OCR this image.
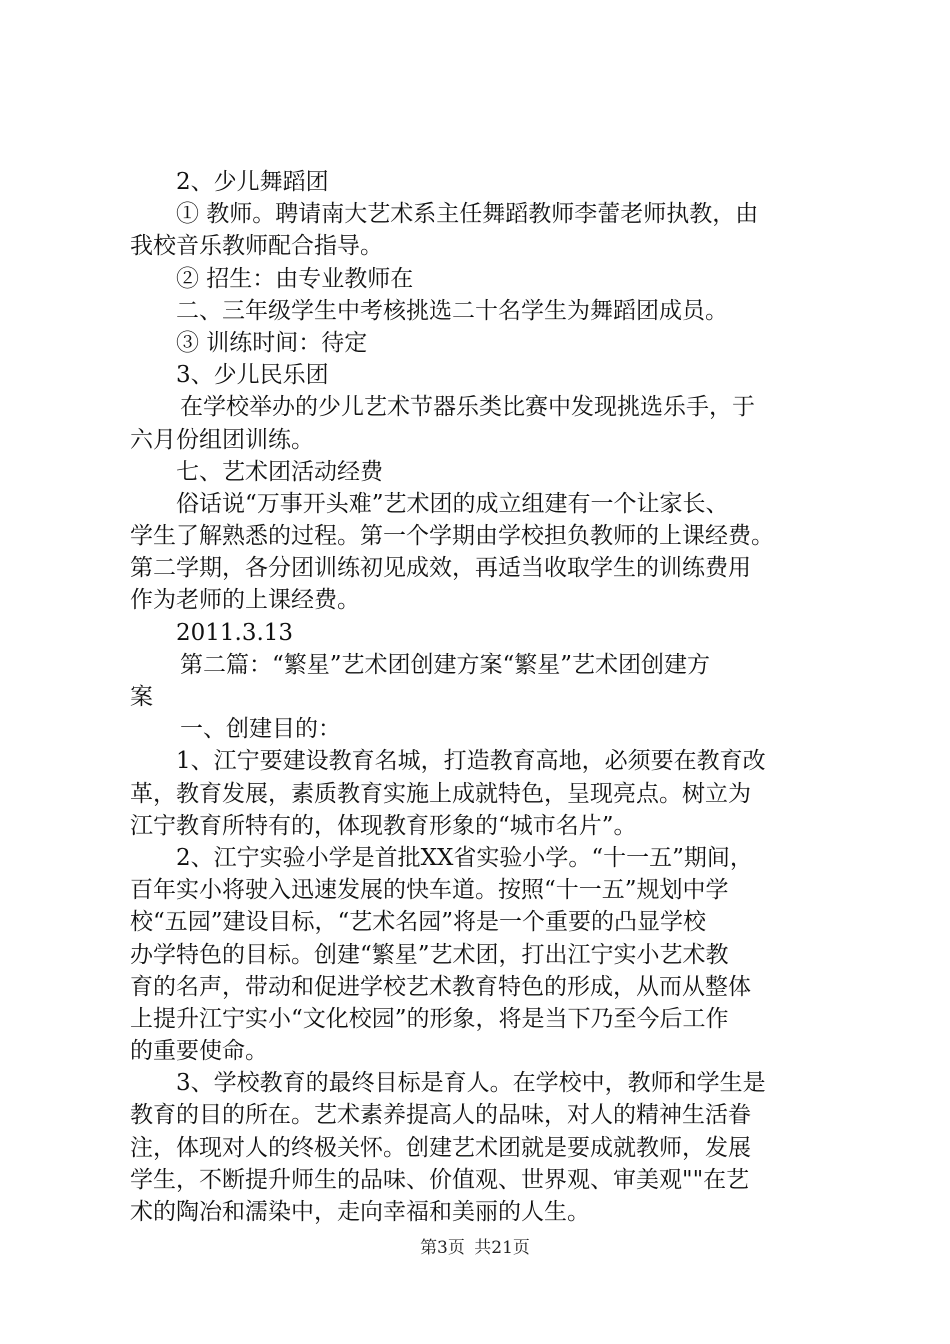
2、少儿舞蹈团
① 教师。聘请南大艺术系主任舞蹈教师李蕾老师执教，由
我校音乐教师配合指导。
② 招生：由专业教师在
二、三年级学生中考核挑选二十名学生为舞蹈团成员。
③ 训练时间：待定
3、少儿民乐团
在学校举办的少儿艺术节器乐类比赛中发现挑选乐手，于
六月份组团训练。
七、艺术团活动经费
俗话说“万事开头难”艺术团的成立组建有一个让家长、
学生了解熟悉的过程。第一个学期由学校担负教师的上课经费。
第二学期，各分团训练初见成效，再适当收取学生的训练费用
作为老师的上课经费。
2011.3.13
第二篇：“繁星”艺术团创建方案“繁星”艺术团创建方
案
一、创建目的：
1、江宁要建设教育名城，打造教育高地，必须要在教育改
革，教育发展，素质教育实施上成就特色，呈现亮点。树立为
江宁教育所特有的，体现教育形象的“城市名片”。
2、江宁实验小学是首批XX省实验小学。“十一五”期间，
百年实小将驶入迅速发展的快车道。按照“十一五”规划中学
校“五园”建设目标，“艺术名园”将是一个重要的凸显学校
办学特色的目标。创建“繁星”艺术团，打出江宁实小艺术教
育的名声，带动和促进学校艺术教育特色的形成，从而从整体
上提升江宁实小“文化校园”的形象，将是当下乃至今后工作
的重要使命。
3、学校教育的最终目标是育人。在学校中，教师和学生是
教育的目的所在。艺术素养提高人的品味，对人的精神生活眷
注，体现对人的终极关怀。创建艺术团就是要成就教师，发展
学生，不断提升师生的品味、价值观、世界观、审美观""在艺
术的陶冶和濡染中，走向幸福和美丽的人生。
第3页 共21页
